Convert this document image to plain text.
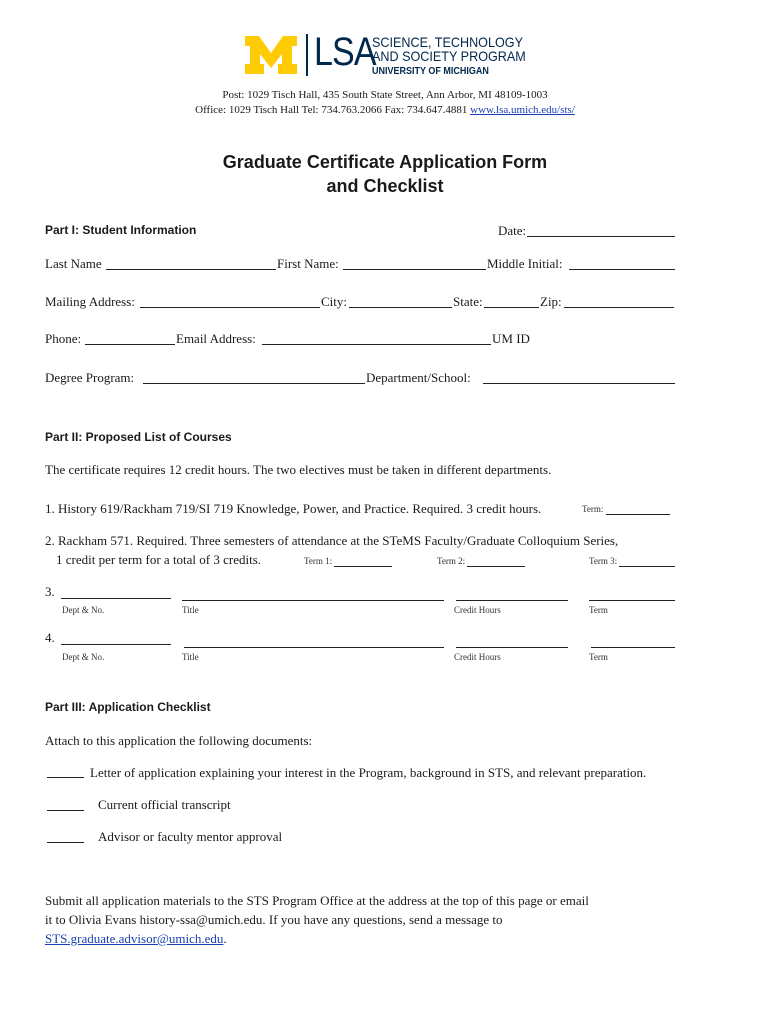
LSA
SCIENCE, TECHNOLOGY
AND SOCIETY PROGRAM
UNIVERSITY OF MICHIGAN
Post: 1029 Tisch Hall, 435 South State Street, Ann Arbor, MI 48109-1003
Office: 1029 Tisch Hall Tel: 734.763.2066 Fax: 734.647.4881 www.lsa.umich.edu/sts/
Graduate Certificate Application Form
and Checklist
Part I: Student Information	Date:
Last Name	First Name:	Middle Initial:
Mailing Address:	City:	State:	Zip:
Phone:	Email Address:	UM ID
Degree Program:	Department/School:
Part II: Proposed List of Courses
The certificate requires 12 credit hours. The two electives must be taken in different departments.
1. History 619/Rackham 719/SI 719 Knowledge, Power, and Practice. Required. 3 credit hours.	Term:
2. Rackham 571. Required. Three semesters of attendance at the STeMS Faculty/Graduate Colloquium Series,
1 credit per term for a total of 3 credits.	Term 1:	Term 2:	Term 3:
3.
Dept & No.	Title	Credit Hours	Term
4.
Dept & No.	Title	Credit Hours	Term
Part III: Application Checklist
Attach to this application the following documents:
Letter of application explaining your interest in the Program, background in STS, and relevant preparation.
Current official transcript
Advisor or faculty mentor approval
Submit all application materials to the STS Program Office at the address at the top of this page or email
it to Olivia Evans history-ssa@umich.edu. If you have any questions, send a message to
STS.graduate.advisor@umich.edu.
